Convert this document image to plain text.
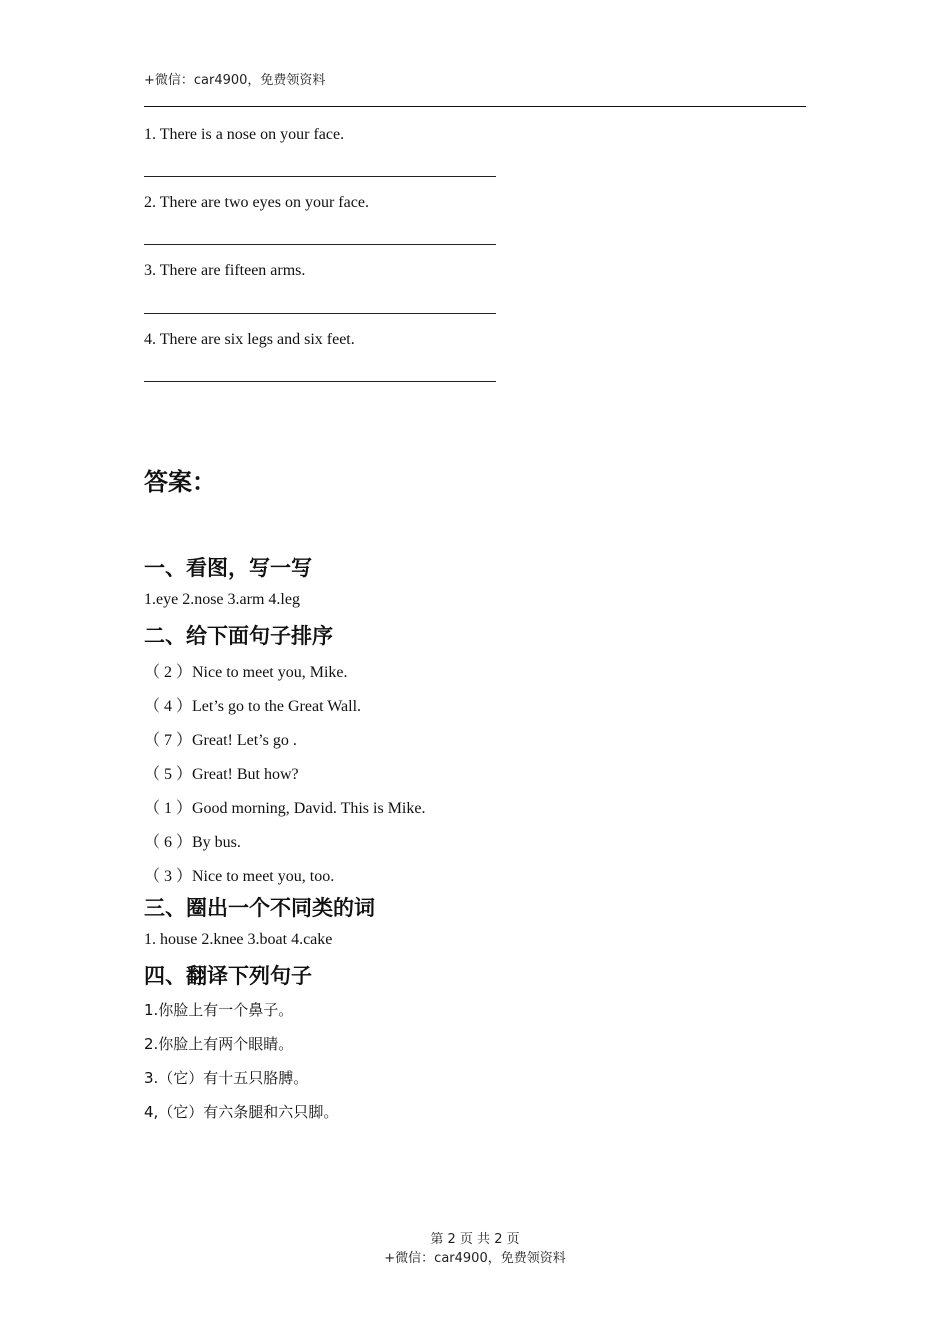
+微信：car4900，免费领资料
1. There is a nose on your face.
2. There are two eyes on your face.
3. There are fifteen arms.
4. There are six legs and six feet.
答案：
一、看图，写一写
1.eye 2.nose 3.arm 4.leg
二、给下面句子排序
（ 2 ）Nice to meet you, Mike.
（ 4 ）Let’s go to the Great Wall.
（ 7 ）Great! Let’s go .
（ 5 ）Great! But how?
（ 1 ）Good morning, David. This is Mike.
（ 6 ）By bus.
（ 3 ）Nice to meet you, too.
三、圈出一个不同类的词
1. house 2.knee 3.boat 4.cake
四、翻译下列句子
1.你脸上有一个鼻子。
2.你脸上有两个眼睛。
3.（它）有十五只胳膊。
4,（它）有六条腿和六只脚。
第 2 页 共 2 页
+微信：car4900，免费领资料
